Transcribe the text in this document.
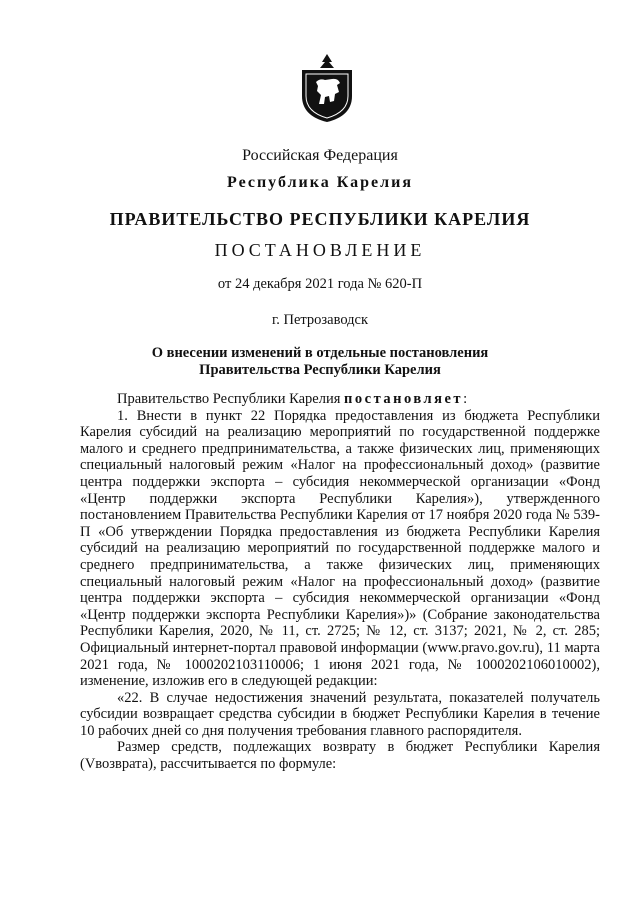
Российская Федерация
Республика Карелия
ПРАВИТЕЛЬСТВО РЕСПУБЛИКИ КАРЕЛИЯ
ПОСТАНОВЛЕНИЕ
от 24 декабря 2021 года № 620-П
г. Петрозаводск
О внесении изменений в отдельные постановления
Правительства Республики Карелия

Правительство Республики Карелия постановляет:

1. Внести в пункт 22 Порядка предоставления из бюджета Республики Карелия субсидий на реализацию мероприятий по государственной поддержке малого и среднего предпринимательства, а также физических лиц, применяющих специальный налоговый режим «Налог на профессиональный доход» (развитие центра поддержки экспорта – субсидия некоммерческой организации «Фонд «Центр поддержки экспорта Республики Карелия»), утвержденного постановлением Правительства Республики Карелия от 17 ноября 2020 года № 539-П «Об утверждении Порядка предоставления из бюджета Республики Карелия субсидий на реализацию мероприятий по государственной поддержке малого и среднего предпринимательства, а также физических лиц, применяющих специальный налоговый режим «Налог на профессиональный доход» (развитие центра поддержки экспорта – субсидия некоммерческой организации «Фонд «Центр поддержки экспорта Республики Карелия»)» (Собрание законодательства Республики Карелия, 2020, № 11, ст. 2725; № 12, ст. 3137; 2021, № 2, ст. 285; Официальный интернет-портал правовой информации (www.pravo.gov.ru), 11 марта 2021 года, № 1000202103110006; 1 июня 2021 года, № 1000202106010002), изменение, изложив его в следующей редакции:

«22. В случае недостижения значений результата, показателей получатель субсидии возвращает средства субсидии в бюджет Республики Карелия в течение 10 рабочих дней со дня получения требования главного распорядителя.

Размер средств, подлежащих возврату в бюджет Республики Карелия (Vвозврата), рассчитывается по формуле:
